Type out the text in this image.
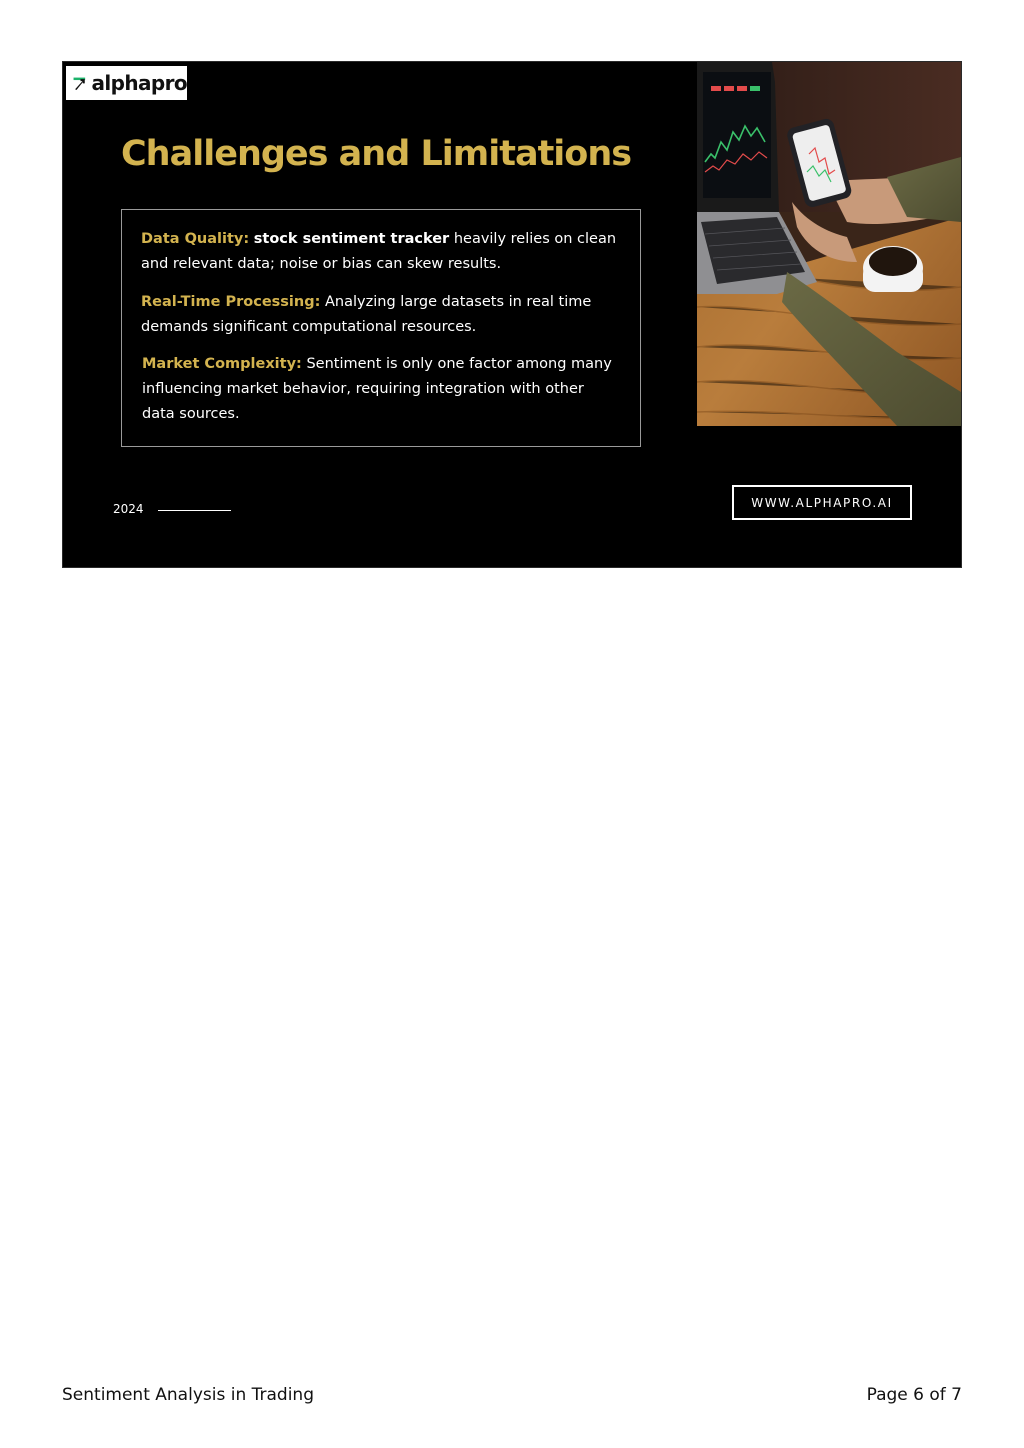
alphapro
Challenges and Limitations

Data Quality: stock sentiment tracker heavily relies on clean and relevant data; noise or bias can skew results.

Real-Time Processing: Analyzing large datasets in real time demands significant computational resources.

Market Complexity: Sentiment is only one factor among many influencing market behavior, requiring integration with other data sources.

2024	WWW.ALPHAPRO.AI
Sentiment Analysis in Trading	Page 6 of 7
